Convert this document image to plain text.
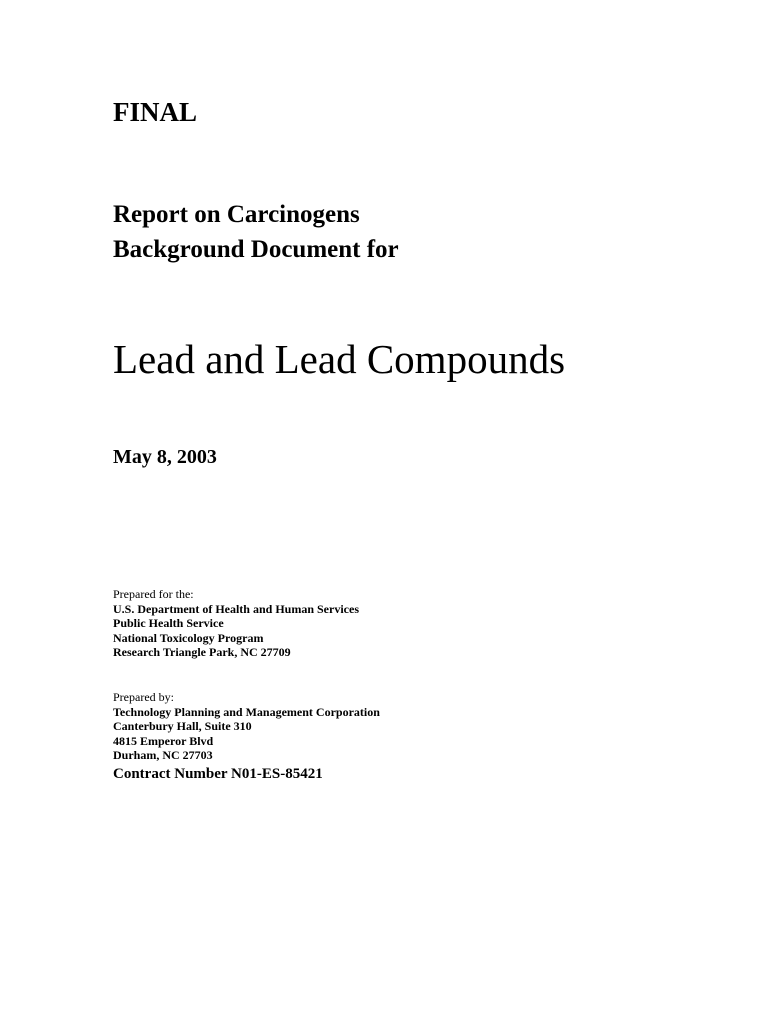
FINAL
Report on Carcinogens
Background Document for
Lead and Lead Compounds
May 8, 2003
Prepared for the:
U.S. Department of Health and Human Services
Public Health Service
National Toxicology Program
Research Triangle Park, NC 27709
Prepared by:
Technology Planning and Management Corporation
Canterbury Hall, Suite 310
4815 Emperor Blvd
Durham, NC 27703
Contract Number N01-ES-85421
